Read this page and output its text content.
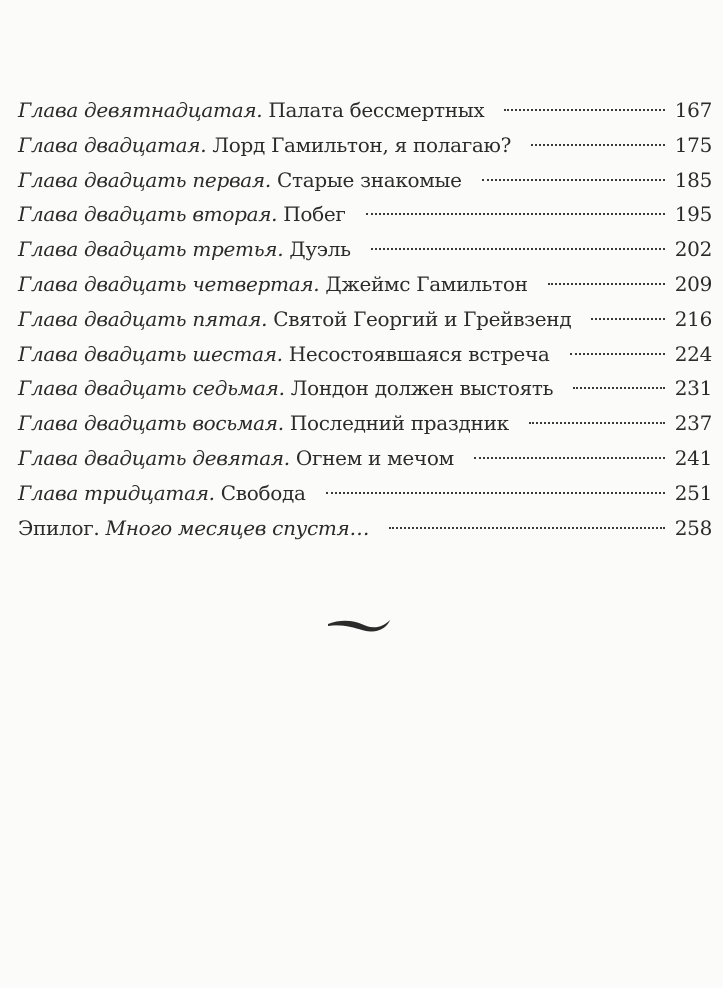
Глава девятнадцатая. Палата бессмертных	167
Глава двадцатая. Лорд Гамильтон, я полагаю?	175
Глава двадцать первая. Старые знакомые	185
Глава двадцать вторая. Побег	195
Глава двадцать третья. Дуэль	202
Глава двадцать четвертая. Джеймс Гамильтон	209
Глава двадцать пятая. Святой Георгий и Грейвзенд	216
Глава двадцать шестая. Несостоявшаяся встреча	224
Глава двадцать седьмая. Лондон должен выстоять	231
Глава двадцать восьмая. Последний праздник	237
Глава двадцать девятая. Огнем и мечом	241
Глава тридцатая. Свобода	251
Эпилог. Много месяцев спустя…	258
